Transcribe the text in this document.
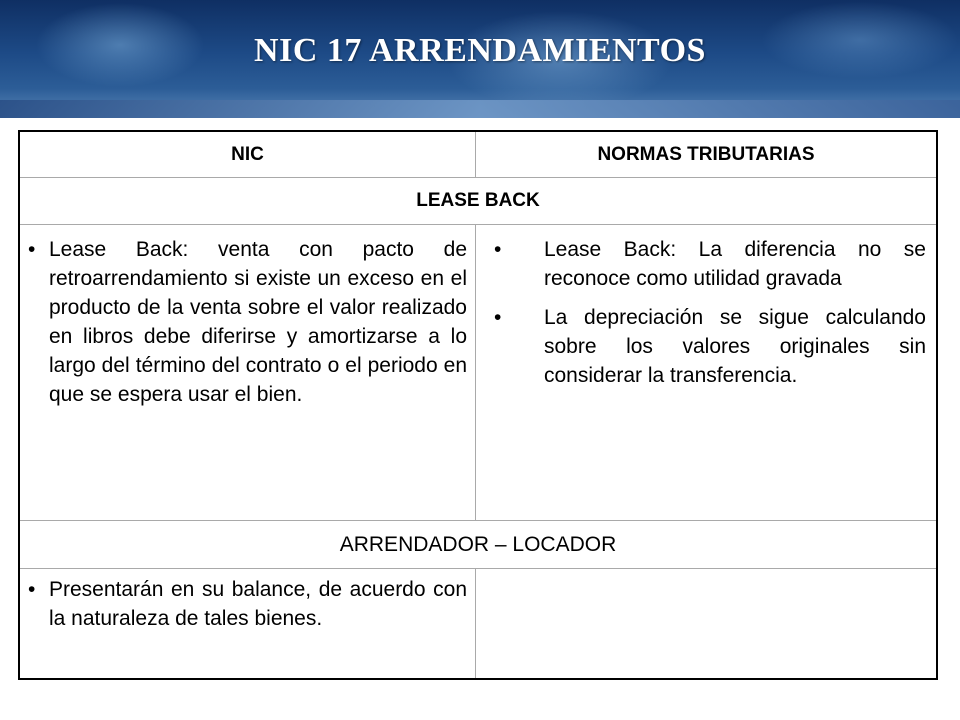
NIC 17 ARRENDAMIENTOS
NIC	NORMAS TRIBUTARIAS
LEASE BACK
• Lease Back: venta con pacto de retroarrendamiento si existe un exceso en el producto de la venta sobre el valor realizado en libros debe diferirse y amortizarse a lo largo del término del contrato o el periodo en que se espera usar el bien.
• Lease Back: La diferencia no se reconoce como utilidad gravada
• La depreciación se sigue calculando sobre los valores originales sin considerar la transferencia.
ARRENDADOR – LOCADOR
• Presentarán en su balance, de acuerdo con la naturaleza de tales bienes.
